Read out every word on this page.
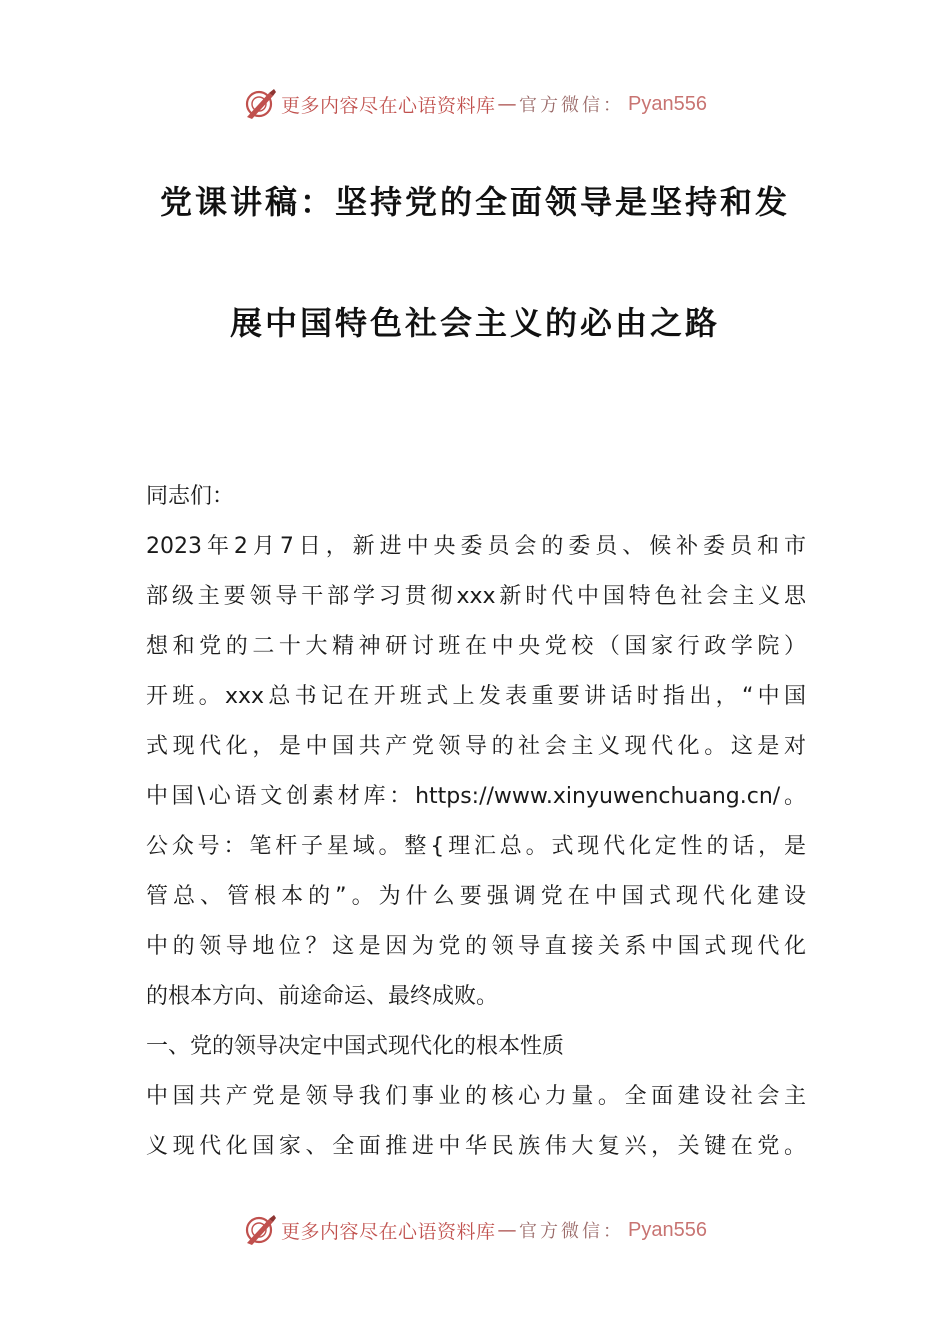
更多内容尽在心语资料库 — 官方微信： Pyan556
党课讲稿：坚持党的全面领导是坚持和发
展中国特色社会主义的必由之路
同志们：
2023年2月7日，新进中央委员会的委员、候补委员和市
部级主要领导干部学习贯彻xxx新时代中国特色社会主义思
想和党的二十大精神研讨班在中央党校（国家行政学院）
开班。xxx总书记在开班式上发表重要讲话时指出，“中国
式现代化，是中国共产党领导的社会主义现代化。这是对
中国\心语文创素材库：https://www.xinyuwenchuang.cn/。
公众号：笔杆子星域。整{理汇总。式现代化定性的话，是
管总、管根本的”。为什么要强调党在中国式现代化建设
中的领导地位？这是因为党的领导直接关系中国式现代化
的根本方向、前途命运、最终成败。
一、党的领导决定中国式现代化的根本性质
中国共产党是领导我们事业的核心力量。全面建设社会主
义现代化国家、全面推进中华民族伟大复兴，关键在党。
更多内容尽在心语资料库 — 官方微信： Pyan556
